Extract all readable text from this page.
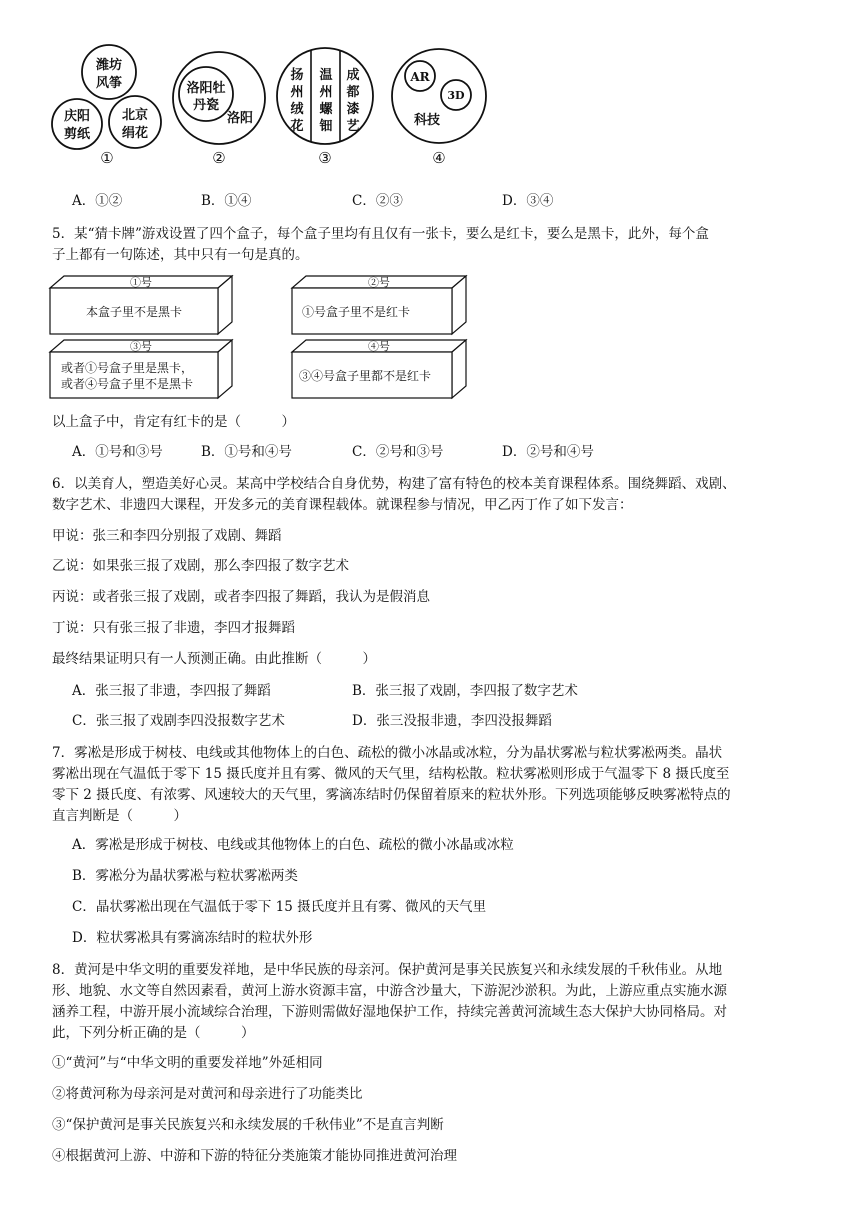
潍坊
风筝
庆阳
剪纸
北京
绢花
①
洛阳牡
丹瓷
洛阳
②
扬
州
绒
花
温
州
螺
钿
成
都
漆
艺
③
AR
3D
科技
④
A．①②	B．①④	C．②③	D．③④
5．某“猜卡牌”游戏设置了四个盒子，每个盒子里均有且仅有一张卡，要么是红卡，要么是黑卡，此外，每个盒
子上都有一句陈述，其中只有一句是真的。
①号
本盒子里不是黑卡
②号
①号盒子里不是红卡
③号
或者①号盒子里是黑卡，
或者④号盒子里不是黑卡
④号
③④号盒子里都不是红卡
以上盒子中，肯定有红卡的是（　　　）
A．①号和③号	B．①号和④号	C．②号和③号	D．②号和④号
6．以美育人，塑造美好心灵。某高中学校结合自身优势，构建了富有特色的校本美育课程体系。围绕舞蹈、戏剧、
数字艺术、非遗四大课程，开发多元的美育课程载体。就课程参与情况，甲乙丙丁作了如下发言：
甲说：张三和李四分别报了戏剧、舞蹈
乙说：如果张三报了戏剧，那么李四报了数字艺术
丙说：或者张三报了戏剧，或者李四报了舞蹈，我认为是假消息
丁说：只有张三报了非遗，李四才报舞蹈
最终结果证明只有一人预测正确。由此推断（　　　）
A．张三报了非遗，李四报了舞蹈	B．张三报了戏剧，李四报了数字艺术
C．张三报了戏剧李四没报数字艺术	D．张三没报非遗，李四没报舞蹈
7．雾凇是形成于树枝、电线或其他物体上的白色、疏松的微小冰晶或冰粒，分为晶状雾凇与粒状雾凇两类。晶状
雾凇出现在气温低于零下 15 摄氏度并且有雾、微风的天气里，结构松散。粒状雾凇则形成于气温零下 8 摄氏度至
零下 2 摄氏度、有浓雾、风速较大的天气里，雾滴冻结时仍保留着原来的粒状外形。下列选项能够反映雾凇特点的
直言判断是（　　　）
A．雾凇是形成于树枝、电线或其他物体上的白色、疏松的微小冰晶或冰粒
B．雾凇分为晶状雾凇与粒状雾凇两类
C．晶状雾凇出现在气温低于零下 15 摄氏度并且有雾、微风的天气里
D．粒状雾凇具有雾滴冻结时的粒状外形
8．黄河是中华文明的重要发祥地，是中华民族的母亲河。保护黄河是事关民族复兴和永续发展的千秋伟业。从地
形、地貌、水文等自然因素看，黄河上游水资源丰富，中游含沙量大，下游泥沙淤积。为此，上游应重点实施水源
涵养工程，中游开展小流域综合治理，下游则需做好湿地保护工作，持续完善黄河流域生态大保护大协同格局。对
此，下列分析正确的是（　　　）
①“黄河”与“中华文明的重要发祥地”外延相同
②将黄河称为母亲河是对黄河和母亲进行了功能类比
③“保护黄河是事关民族复兴和永续发展的千秋伟业”不是直言判断
④根据黄河上游、中游和下游的特征分类施策才能协同推进黄河治理
